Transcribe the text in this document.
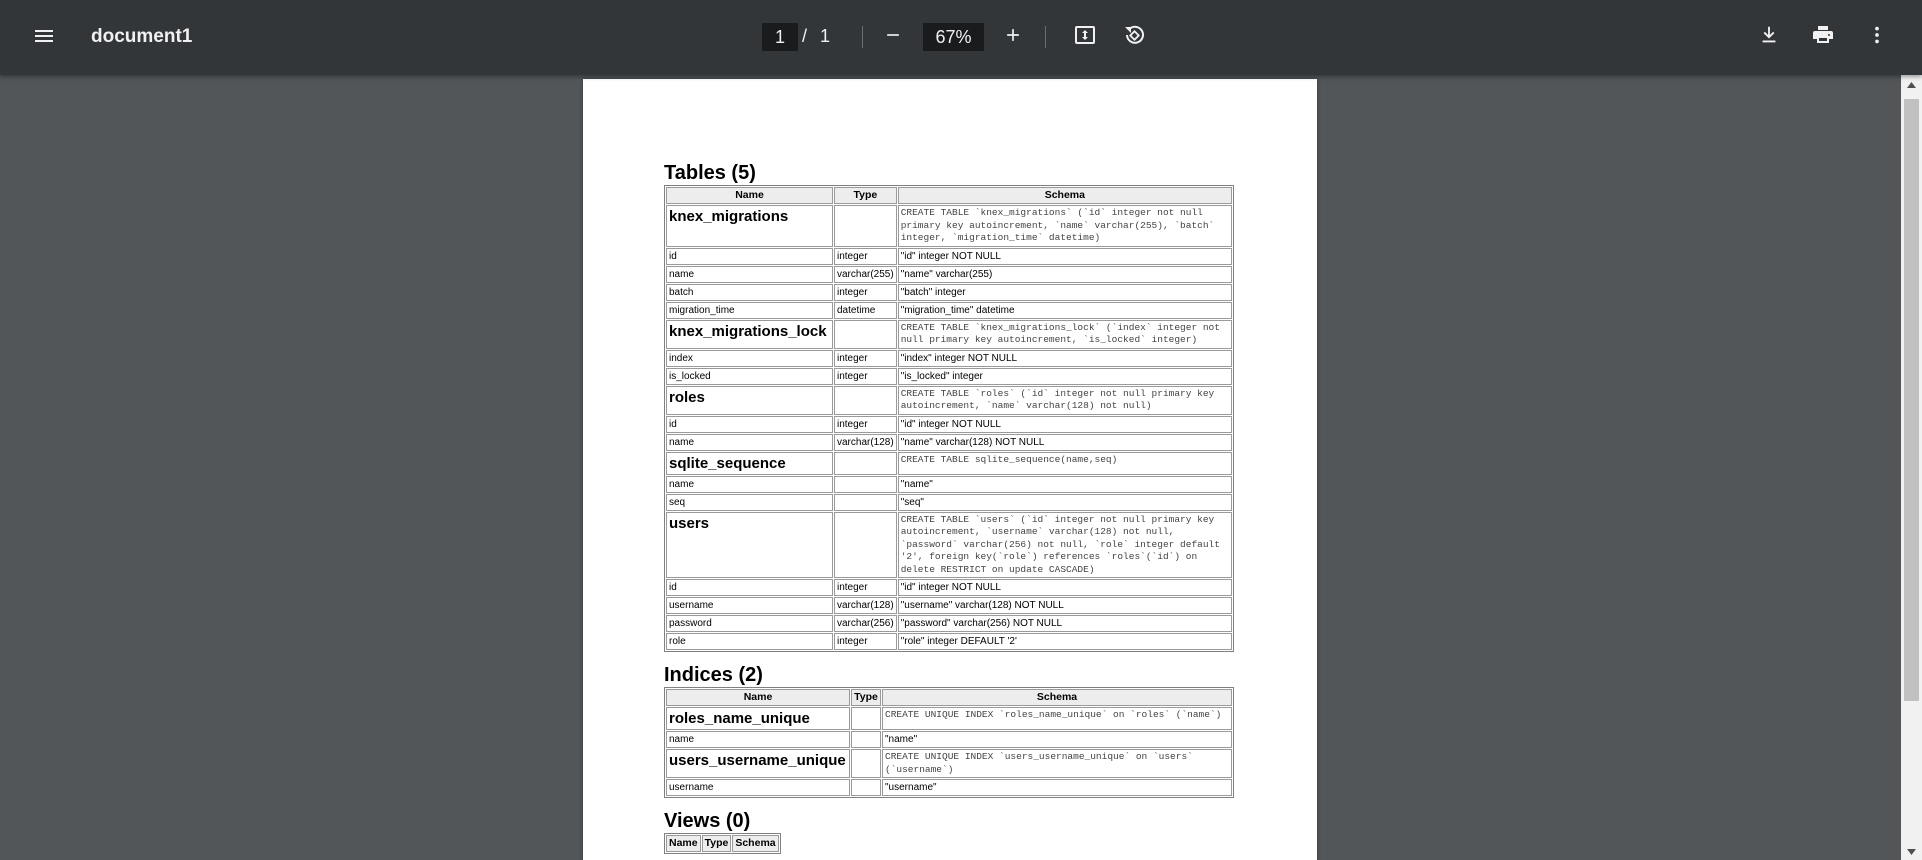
document1	1 / 1	67%
Tables (5)
Name	Type	Schema
knex_migrations		CREATE TABLE `knex_migrations` (`id` integer not null primary key autoincrement, `name` varchar(255), `batch` integer, `migration_time` datetime)
id	integer	"id" integer NOT NULL
name	varchar(255)	"name" varchar(255)
batch	integer	"batch" integer
migration_time	datetime	"migration_time" datetime
knex_migrations_lock		CREATE TABLE `knex_migrations_lock` (`index` integer not null primary key autoincrement, `is_locked` integer)
index	integer	"index" integer NOT NULL
is_locked	integer	"is_locked" integer
roles		CREATE TABLE `roles` (`id` integer not null primary key autoincrement, `name` varchar(128) not null)
id	integer	"id" integer NOT NULL
name	varchar(128)	"name" varchar(128) NOT NULL
sqlite_sequence		CREATE TABLE sqlite_sequence(name,seq)
name		"name"
seq		"seq"
users		CREATE TABLE `users` (`id` integer not null primary key autoincrement, `username` varchar(128) not null, `password` varchar(256) not null, `role` integer default '2', foreign key(`role`) references `roles`(`id`) on delete RESTRICT on update CASCADE)
id	integer	"id" integer NOT NULL
username	varchar(128)	"username" varchar(128) NOT NULL
password	varchar(256)	"password" varchar(256) NOT NULL
role	integer	"role" integer DEFAULT '2'
Indices (2)
Name	Type	Schema
roles_name_unique		CREATE UNIQUE INDEX `roles_name_unique` on `roles` (`name`)
name		"name"
users_username_unique		CREATE UNIQUE INDEX `users_username_unique` on `users` (`username`)
username		"username"
Views (0)
Name	Type	Schema
